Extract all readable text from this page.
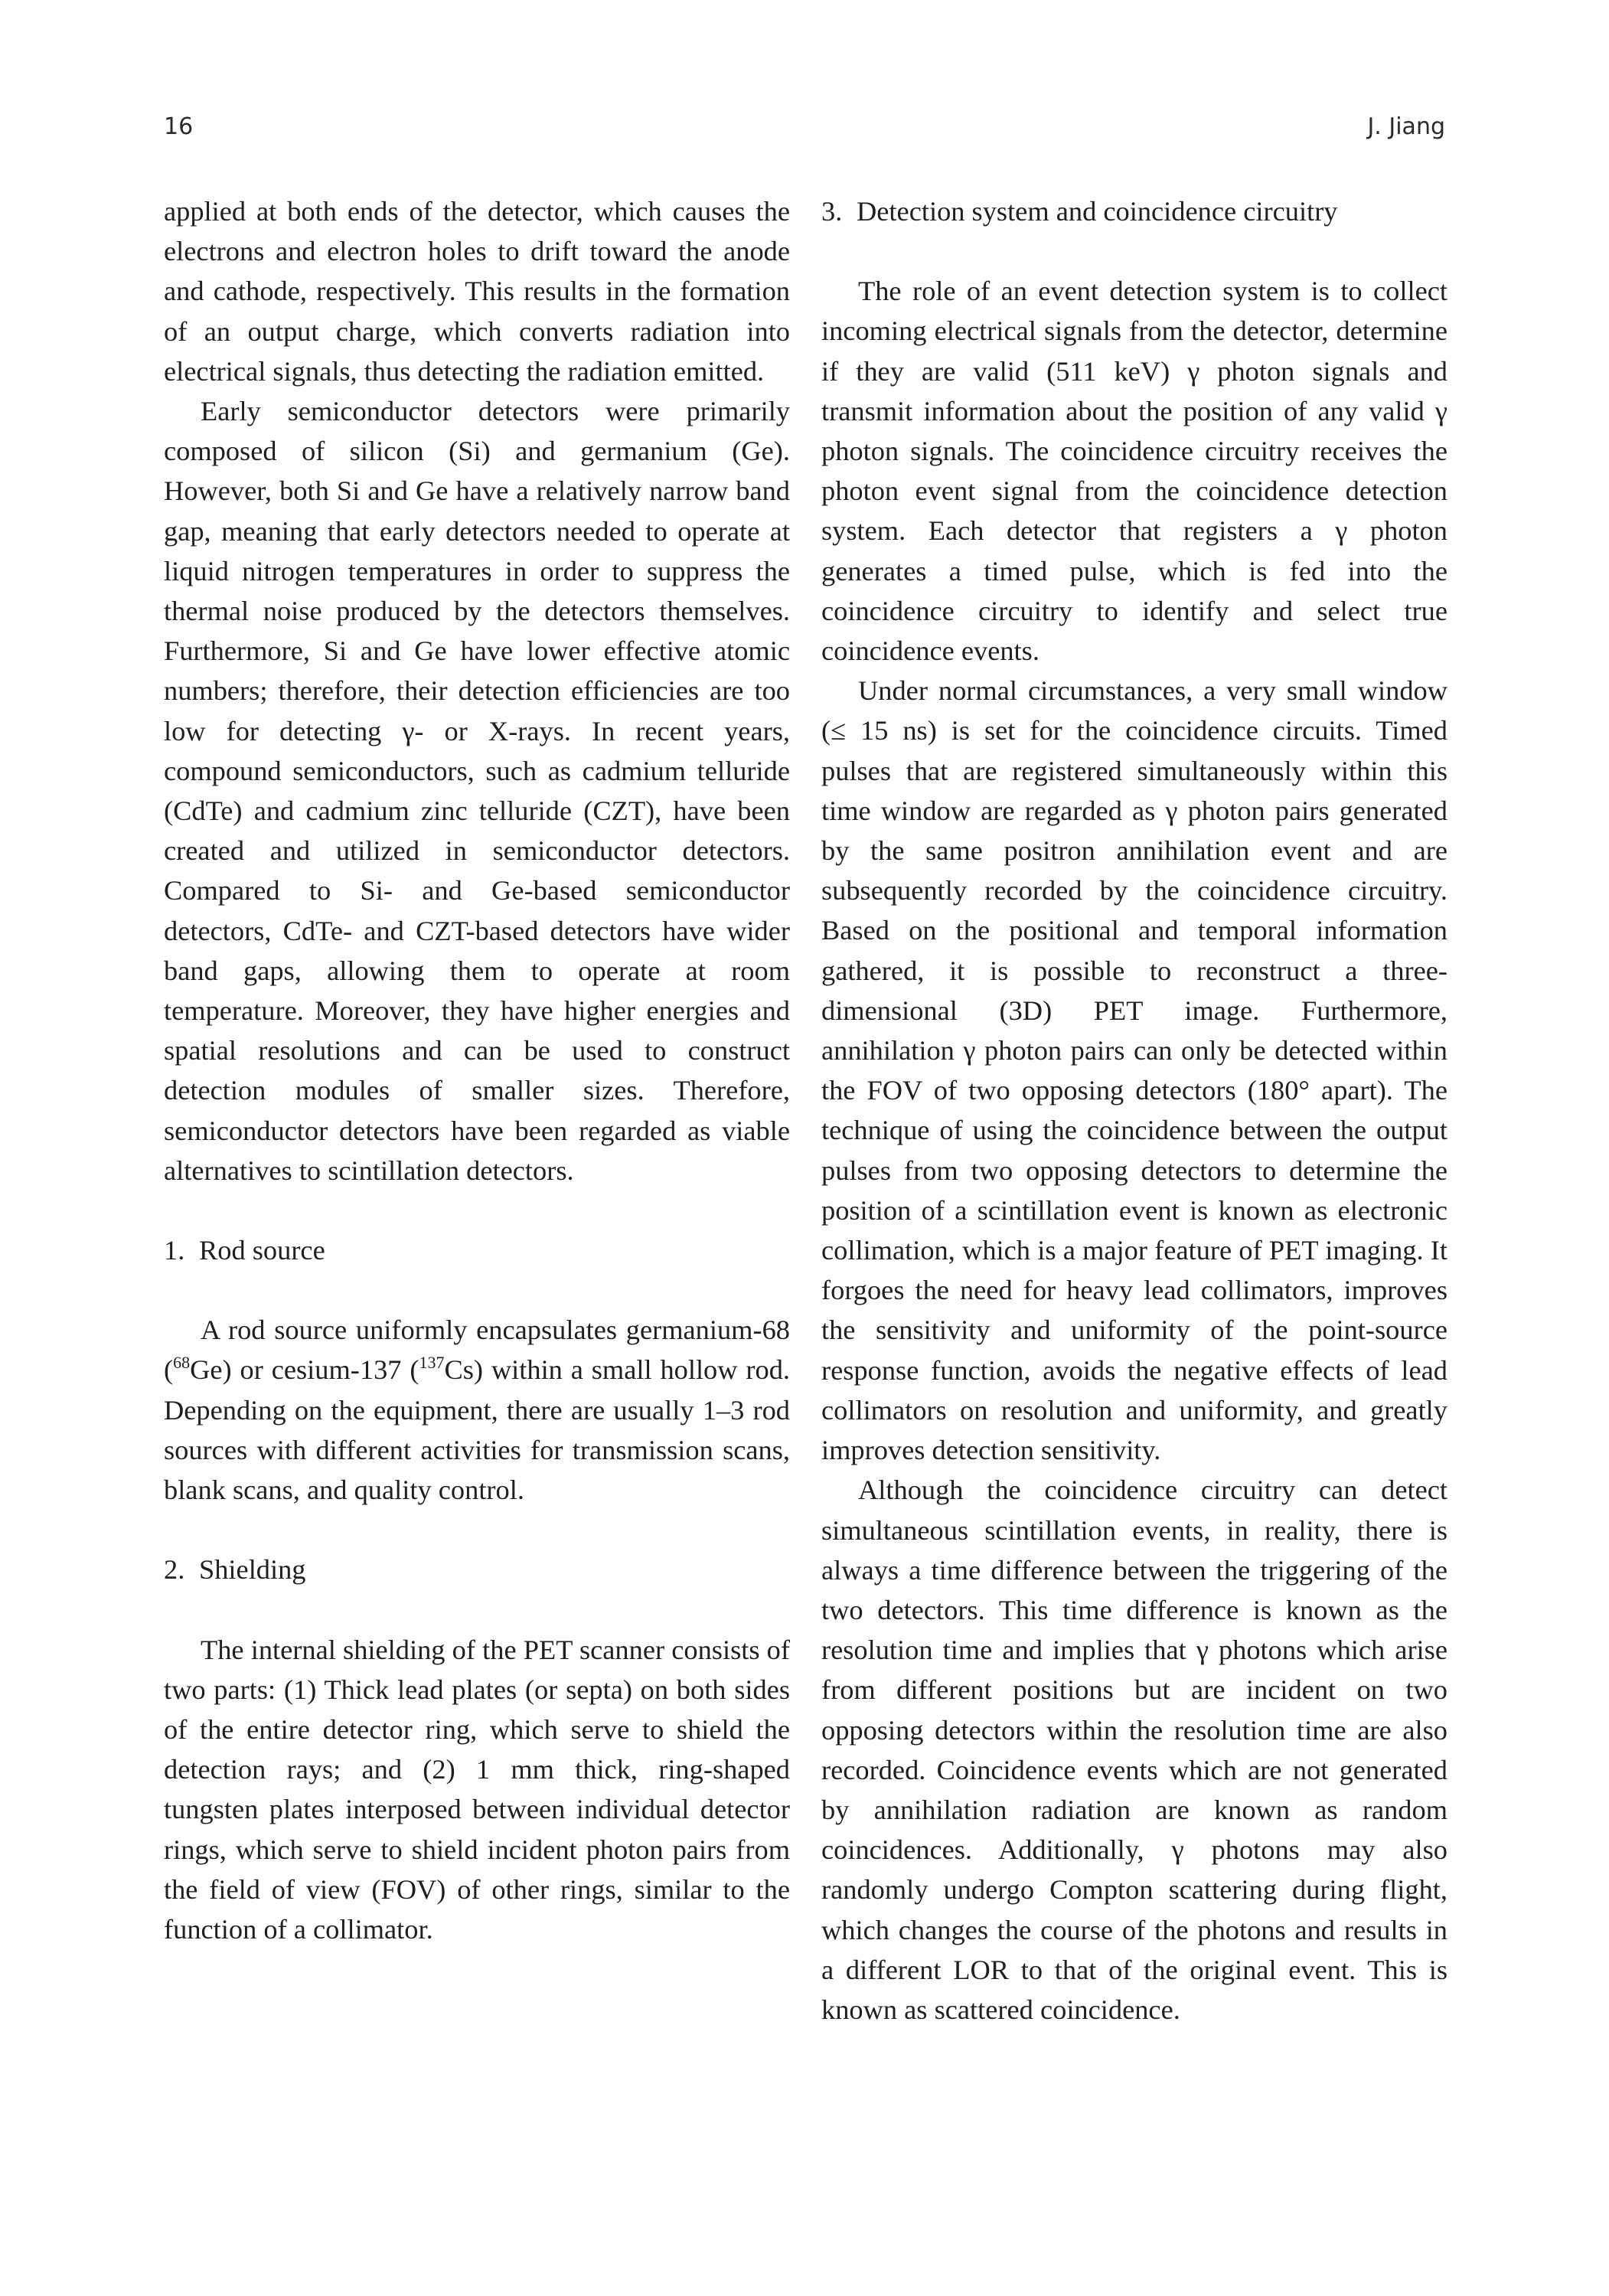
16	J. Jiang

applied at both ends of the detector, which causes the electrons and electron holes to drift toward the anode and cathode, respectively. This results in the formation of an output charge, which converts radiation into electrical signals, thus detecting the radiation emitted.

Early semiconductor detectors were primarily composed of silicon (Si) and germanium (Ge). However, both Si and Ge have a relatively narrow band gap, meaning that early detectors needed to operate at liquid nitrogen temperatures in order to suppress the thermal noise produced by the detectors themselves. Furthermore, Si and Ge have lower effective atomic numbers; therefore, their detection efficiencies are too low for detecting γ- or X-rays. In recent years, compound semiconductors, such as cadmium telluride (CdTe) and cadmium zinc telluride (CZT), have been created and utilized in semiconductor detectors. Compared to Si- and Ge-based semiconductor detectors, CdTe- and CZT-based detectors have wider band gaps, allowing them to operate at room temperature. Moreover, they have higher energies and spatial resolutions and can be used to construct detection modules of smaller sizes. Therefore, semiconductor detectors have been regarded as viable alternatives to scintillation detectors.

1. Rod source

A rod source uniformly encapsulates germanium-68 ($^{68}$Ge) or cesium-137 ($^{137}$Cs) within a small hollow rod. Depending on the equipment, there are usually 1–3 rod sources with different activities for transmission scans, blank scans, and quality control.

2. Shielding

The internal shielding of the PET scanner consists of two parts: (1) Thick lead plates (or septa) on both sides of the entire detector ring, which serve to shield the detection rays; and (2) 1 mm thick, ring-shaped tungsten plates interposed between individual detector rings, which serve to shield incident photon pairs from the field of view (FOV) of other rings, similar to the function of a collimator.

3. Detection system and coincidence circuitry

The role of an event detection system is to collect incoming electrical signals from the detector, determine if they are valid (511 keV) γ photon signals and transmit information about the position of any valid γ photon signals. The coincidence circuitry receives the photon event signal from the coincidence detection system. Each detector that registers a γ photon generates a timed pulse, which is fed into the coincidence circuitry to identify and select true coincidence events.

Under normal circumstances, a very small window (≤ 15 ns) is set for the coincidence circuits. Timed pulses that are registered simultaneously within this time window are regarded as γ photon pairs generated by the same positron annihilation event and are subsequently recorded by the coincidence circuitry. Based on the positional and temporal information gathered, it is possible to reconstruct a three-dimensional (3D) PET image. Furthermore, annihilation γ photon pairs can only be detected within the FOV of two opposing detectors (180° apart). The technique of using the coincidence between the output pulses from two opposing detectors to determine the position of a scintillation event is known as electronic collimation, which is a major feature of PET imaging. It forgoes the need for heavy lead collimators, improves the sensitivity and uniformity of the point-source response function, avoids the negative effects of lead collimators on resolution and uniformity, and greatly improves detection sensitivity.

Although the coincidence circuitry can detect simultaneous scintillation events, in reality, there is always a time difference between the triggering of the two detectors. This time difference is known as the resolution time and implies that γ photons which arise from different positions but are incident on two opposing detectors within the resolution time are also recorded. Coincidence events which are not generated by annihilation radiation are known as random coincidences. Additionally, γ photons may also randomly undergo Compton scattering during flight, which changes the course of the photons and results in a different LOR to that of the original event. This is known as scattered coincidence.
